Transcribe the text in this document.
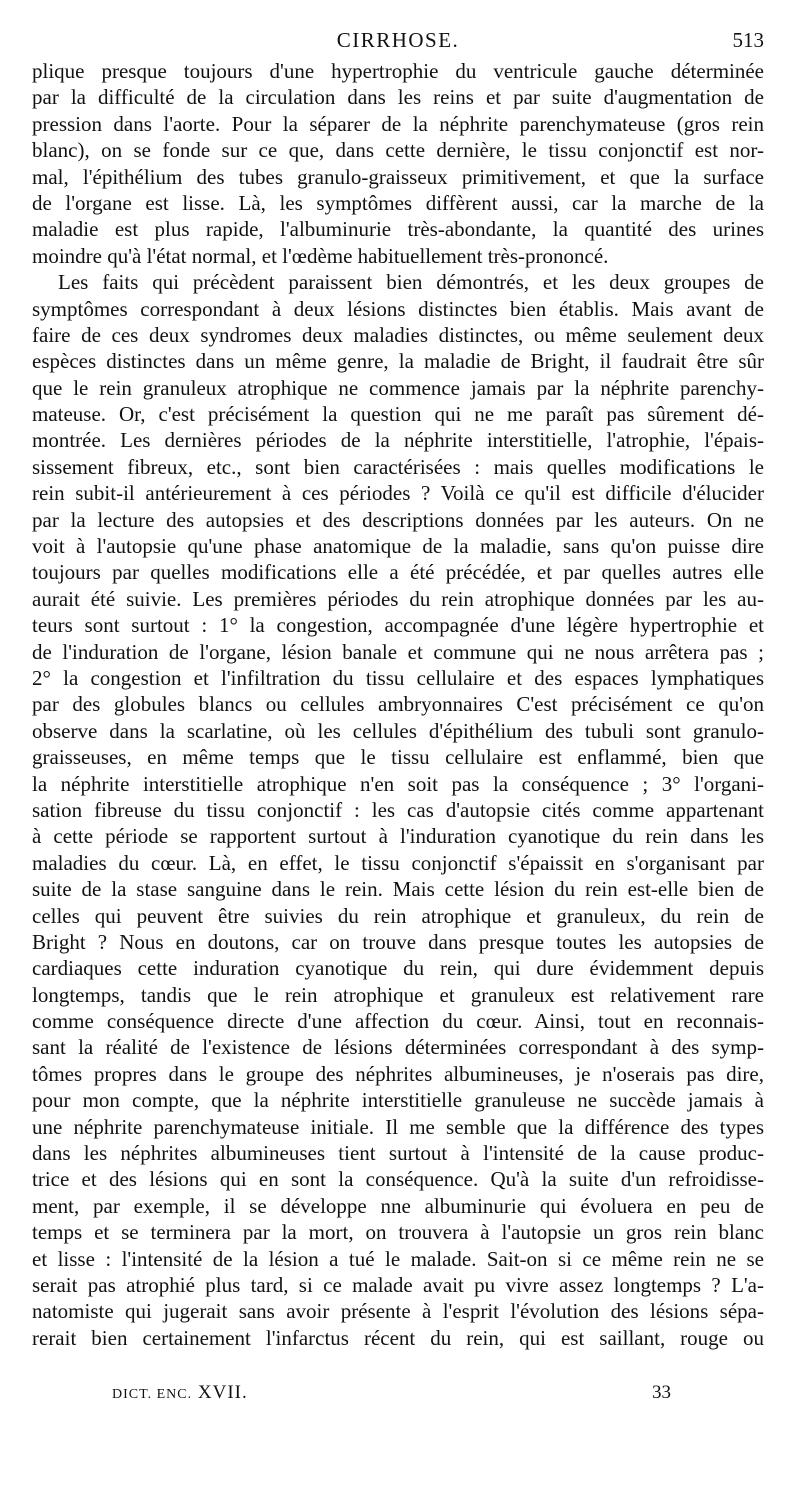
CIRRHOSE.	513
plique presque toujours d'une hypertrophie du ventricule gauche déterminée
par la difficulté de la circulation dans les reins et par suite d'augmentation de
pression dans l'aorte. Pour la séparer de la néphrite parenchymateuse (gros rein
blanc), on se fonde sur ce que, dans cette dernière, le tissu conjonctif est nor-
mal, l'épithélium des tubes granulo-graisseux primitivement, et que la surface
de l'organe est lisse. Là, les symptômes diffèrent aussi, car la marche de la
maladie est plus rapide, l'albuminurie très-abondante, la quantité des urines
moindre qu'à l'état normal, et l'œdème habituellement très-prononcé.
Les faits qui précèdent paraissent bien démontrés, et les deux groupes de
symptômes correspondant à deux lésions distinctes bien établis. Mais avant de
faire de ces deux syndromes deux maladies distinctes, ou même seulement deux
espèces distinctes dans un même genre, la maladie de Bright, il faudrait être sûr
que le rein granuleux atrophique ne commence jamais par la néphrite parenchy-
mateuse. Or, c'est précisément la question qui ne me paraît pas sûrement dé-
montrée. Les dernières périodes de la néphrite interstitielle, l'atrophie, l'épais-
sissement fibreux, etc., sont bien caractérisées : mais quelles modifications le
rein subit-il antérieurement à ces périodes ? Voilà ce qu'il est difficile d'élucider
par la lecture des autopsies et des descriptions données par les auteurs. On ne
voit à l'autopsie qu'une phase anatomique de la maladie, sans qu'on puisse dire
toujours par quelles modifications elle a été précédée, et par quelles autres elle
aurait été suivie. Les premières périodes du rein atrophique données par les au-
teurs sont surtout : 1° la congestion, accompagnée d'une légère hypertrophie et
de l'induration de l'organe, lésion banale et commune qui ne nous arrêtera pas ;
2° la congestion et l'infiltration du tissu cellulaire et des espaces lymphatiques
par des globules blancs ou cellules ambryonnaires C'est précisément ce qu'on
observe dans la scarlatine, où les cellules d'épithélium des tubuli sont granulo-
graisseuses, en même temps que le tissu cellulaire est enflammé, bien que
la néphrite interstitielle atrophique n'en soit pas la conséquence ; 3° l'organi-
sation fibreuse du tissu conjonctif : les cas d'autopsie cités comme appartenant
à cette période se rapportent surtout à l'induration cyanotique du rein dans les
maladies du cœur. Là, en effet, le tissu conjonctif s'épaissit en s'organisant par
suite de la stase sanguine dans le rein. Mais cette lésion du rein est-elle bien de
celles qui peuvent être suivies du rein atrophique et granuleux, du rein de
Bright ? Nous en doutons, car on trouve dans presque toutes les autopsies de
cardiaques cette induration cyanotique du rein, qui dure évidemment depuis
longtemps, tandis que le rein atrophique et granuleux est relativement rare
comme conséquence directe d'une affection du cœur. Ainsi, tout en reconnais-
sant la réalité de l'existence de lésions déterminées correspondant à des symp-
tômes propres dans le groupe des néphrites albumineuses, je n'oserais pas dire,
pour mon compte, que la néphrite interstitielle granuleuse ne succède jamais à
une néphrite parenchymateuse initiale. Il me semble que la différence des types
dans les néphrites albumineuses tient surtout à l'intensité de la cause produc-
trice et des lésions qui en sont la conséquence. Qu'à la suite d'un refroidisse-
ment, par exemple, il se développe nne albuminurie qui évoluera en peu de
temps et se terminera par la mort, on trouvera à l'autopsie un gros rein blanc
et lisse : l'intensité de la lésion a tué le malade. Sait-on si ce même rein ne se
serait pas atrophié plus tard, si ce malade avait pu vivre assez longtemps ? L'a-
natomiste qui jugerait sans avoir présente à l'esprit l'évolution des lésions sépa-
rerait bien certainement l'infarctus récent du rein, qui est saillant, rouge ou
DICT. ENC. XVII.	33
